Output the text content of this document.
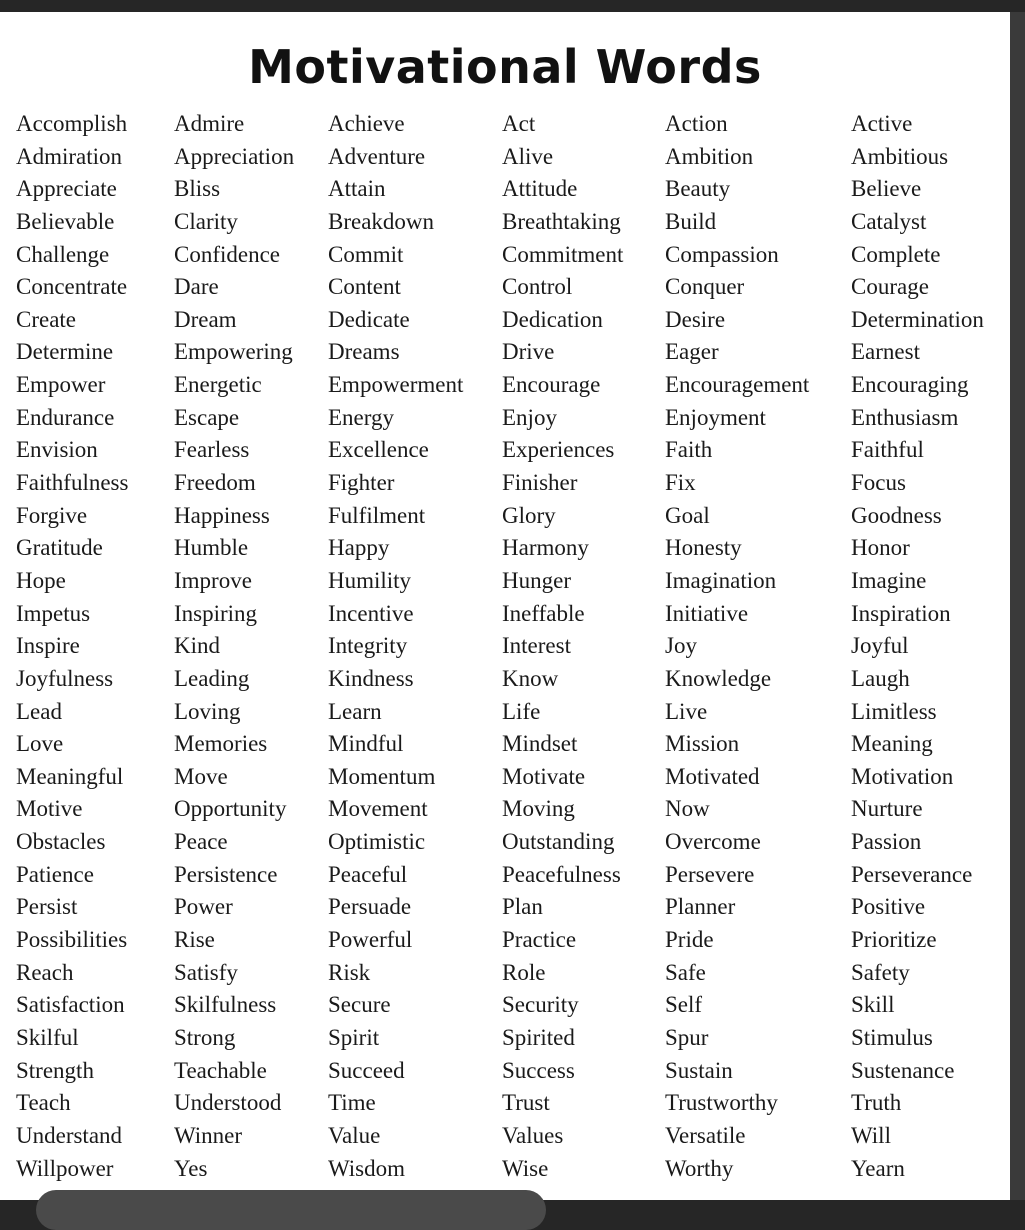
Motivational Words
Accomplish	Admire	Achieve	Act	Action	Active
Admiration	Appreciation	Adventure	Alive	Ambition	Ambitious
Appreciate	Bliss	Attain	Attitude	Beauty	Believe
Believable	Clarity	Breakdown	Breathtaking	Build	Catalyst
Challenge	Confidence	Commit	Commitment	Compassion	Complete
Concentrate	Dare	Content	Control	Conquer	Courage
Create	Dream	Dedicate	Dedication	Desire	Determination
Determine	Empowering	Dreams	Drive	Eager	Earnest
Empower	Energetic	Empowerment	Encourage	Encouragement	Encouraging
Endurance	Escape	Energy	Enjoy	Enjoyment	Enthusiasm
Envision	Fearless	Excellence	Experiences	Faith	Faithful
Faithfulness	Freedom	Fighter	Finisher	Fix	Focus
Forgive	Happiness	Fulfilment	Glory	Goal	Goodness
Gratitude	Humble	Happy	Harmony	Honesty	Honor
Hope	Improve	Humility	Hunger	Imagination	Imagine
Impetus	Inspiring	Incentive	Ineffable	Initiative	Inspiration
Inspire	Kind	Integrity	Interest	Joy	Joyful
Joyfulness	Leading	Kindness	Know	Knowledge	Laugh
Lead	Loving	Learn	Life	Live	Limitless
Love	Memories	Mindful	Mindset	Mission	Meaning
Meaningful	Move	Momentum	Motivate	Motivated	Motivation
Motive	Opportunity	Movement	Moving	Now	Nurture
Obstacles	Peace	Optimistic	Outstanding	Overcome	Passion
Patience	Persistence	Peaceful	Peacefulness	Persevere	Perseverance
Persist	Power	Persuade	Plan	Planner	Positive
Possibilities	Rise	Powerful	Practice	Pride	Prioritize
Reach	Satisfy	Risk	Role	Safe	Safety
Satisfaction	Skilfulness	Secure	Security	Self	Skill
Skilful	Strong	Spirit	Spirited	Spur	Stimulus
Strength	Teachable	Succeed	Success	Sustain	Sustenance
Teach	Understood	Time	Trust	Trustworthy	Truth
Understand	Winner	Value	Values	Versatile	Will
Willpower	Yes	Wisdom	Wise	Worthy	Yearn
